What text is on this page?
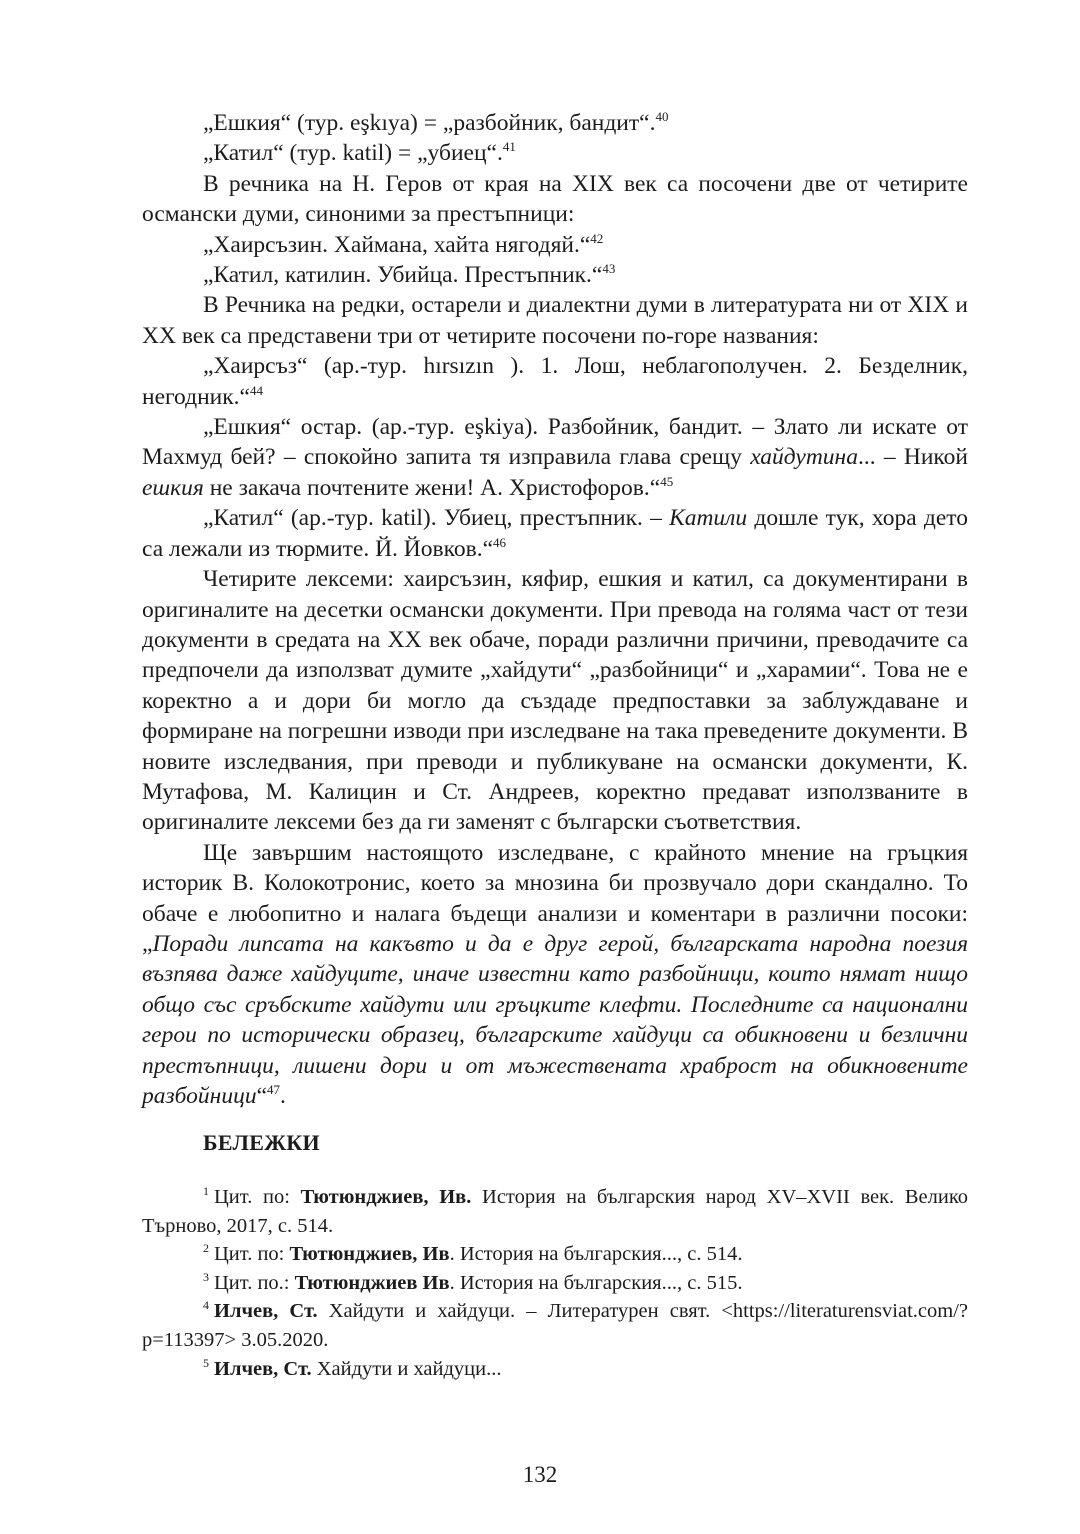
„Ешкия“ (тур. eşkıya) = „разбойник, бандит“.$^{40}$

„Катил“ (тур. katil) = „убиец“.$^{41}$

В речника на Н. Геров от края на XIX век са посочени две от четирите османски думи, синоними за престъпници:

„Хаирсъзин. Хаймана, хайта нягодяй.“$^{42}$

„Катил, катилин. Убийца. Престъпник.“$^{43}$

В Речника на редки, остарели и диалектни думи в литературата ни от XIX и XX век са представени три от четирите посочени по-горе названия:

„Хаирсъз“ (ар.-тур. hırsızın ). 1. Лош, неблагополучен. 2. Безделник, негодник.“$^{44}$

„Ешкия“ остар. (ар.-тур. eşkiya). Разбойник, бандит. – Злато ли искате от Махмуд бей? – спокойно запита тя изправила глава срещу хайдутина... – Никой ешкия не закача почтените жени! А. Христофоров.“$^{45}$

„Катил“ (ар.-тур. katil). Убиец, престъпник. – Катили дошле тук, хора дето са лежали из тюрмите. Й. Йовков.“$^{46}$

Четирите лексеми: хаирсъзин, кяфир, ешкия и катил, са документирани в оригиналите на десетки османски документи. При превода на голяма част от тези документи в средата на XX век обаче, поради различни причини, преводачите са предпочели да използват думите „хайдути“ „разбойници“ и „харамии“. Това не е коректно а и дори би могло да създаде предпоставки за заблуждаване и формиране на погрешни изводи при изследване на така преведените документи. В новите изследвания, при преводи и публикуване на османски документи, К. Мутафова, М. Калицин и Ст. Андреев, коректно предават използваните в оригиналите лексеми без да ги заменят с български съответствия.

Ще завършим настоящото изследване, с крайното мнение на гръцкия историк В. Колокотронис, което за мнозина би прозвучало дори скандално. То обаче е любопитно и налага бъдещи анализи и коментари в различни посоки: „Поради липсата на какъвто и да е друг герой, българската народна поезия възпява даже хайдуците, иначе известни като разбойници, които нямат нищо общо със сръбските хайдути или гръцките клефти. Последните са национални герои по исторически образец, българските хайдуци са обикновени и безлични престъпници, лишени дори и от мъжествената храброст на обикновените разбойници“$^{47}$.

БЕЛЕЖКИ

$^1$ Цит. по: Тютюнджиев, Ив. История на българския народ XV–XVII век. Велико Търново, 2017, с. 514.

$^2$ Цит. по: Тютюнджиев, Ив. История на българския..., с. 514.

$^3$ Цит. по.: Тютюнджиев Ив. История на българския..., с. 515.

$^4$ Илчев, Ст. Хайдути и хайдуци. – Литературен свят. <https://literaturensviat.com/?p=113397> 3.05.2020.

$^5$ Илчев, Ст. Хайдути и хайдуци...

132
